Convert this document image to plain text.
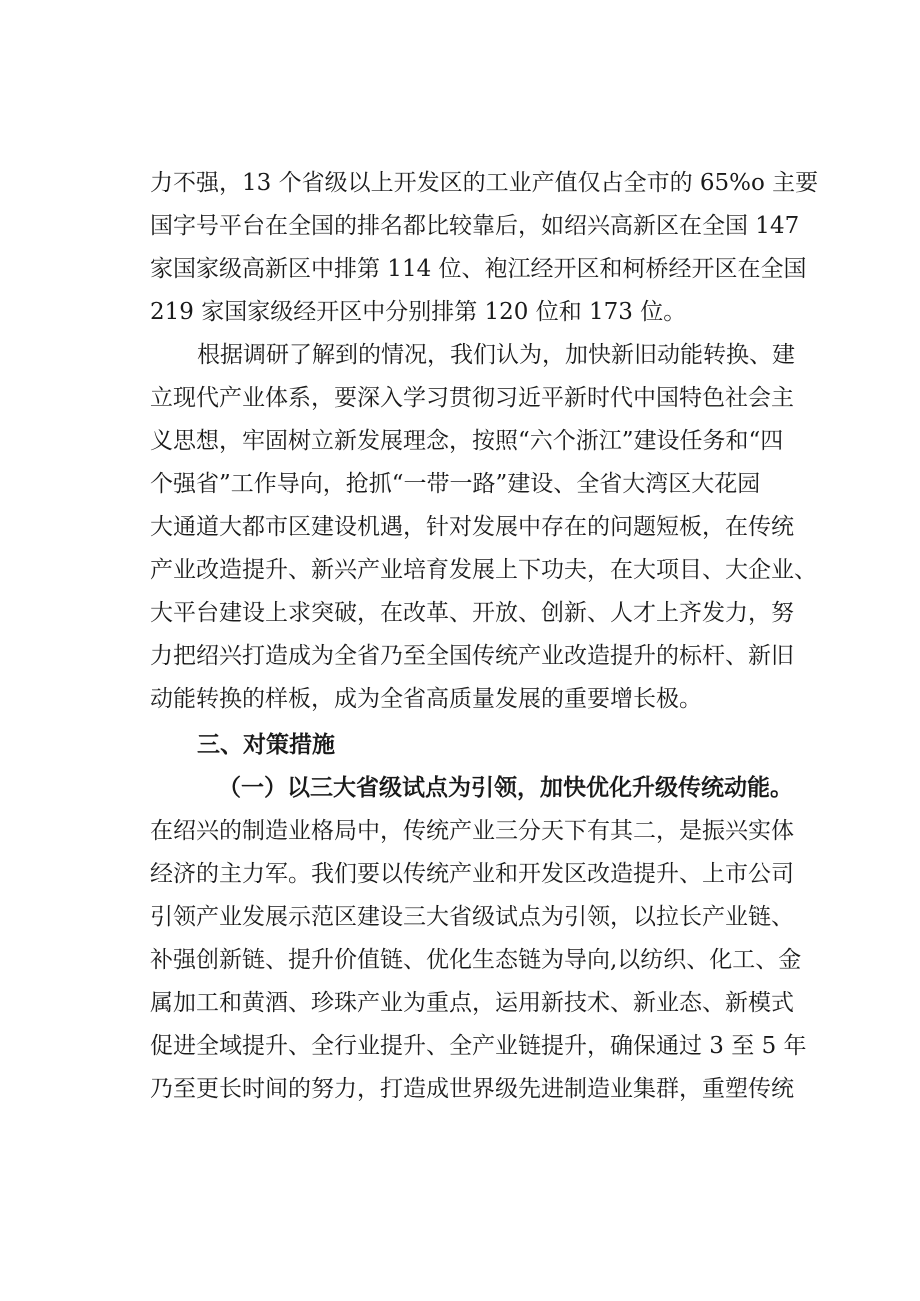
力不强，13 个省级以上开发区的工业产值仅占全市的 65%o 主要
国字号平台在全国的排名都比较靠后，如绍兴高新区在全国 147
家国家级高新区中排第 114 位、袍江经开区和柯桥经开区在全国
219 家国家级经开区中分别排第 120 位和 173 位。
根据调研了解到的情况，我们认为，加快新旧动能转换、建
立现代产业体系，要深入学习贯彻习近平新时代中国特色社会主
义思想，牢固树立新发展理念，按照“六个浙江”建设任务和“四
个强省”工作导向，抢抓“一带一路”建设、全省大湾区大花园
大通道大都市区建设机遇，针对发展中存在的问题短板，在传统
产业改造提升、新兴产业培育发展上下功夫，在大项目、大企业、
大平台建设上求突破，在改革、开放、创新、人才上齐发力，努
力把绍兴打造成为全省乃至全国传统产业改造提升的标杆、新旧
动能转换的样板，成为全省高质量发展的重要增长极。
三、对策措施
（一）以三大省级试点为引领，加快优化升级传统动能。
在绍兴的制造业格局中，传统产业三分天下有其二，是振兴实体
经济的主力军。我们要以传统产业和开发区改造提升、上市公司
引领产业发展示范区建设三大省级试点为引领，以拉长产业链、
补强创新链、提升价值链、优化生态链为导向,以纺织、化工、金
属加工和黄酒、珍珠产业为重点，运用新技术、新业态、新模式
促进全域提升、全行业提升、全产业链提升，确保通过 3 至 5 年
乃至更长时间的努力，打造成世界级先进制造业集群，重塑传统
